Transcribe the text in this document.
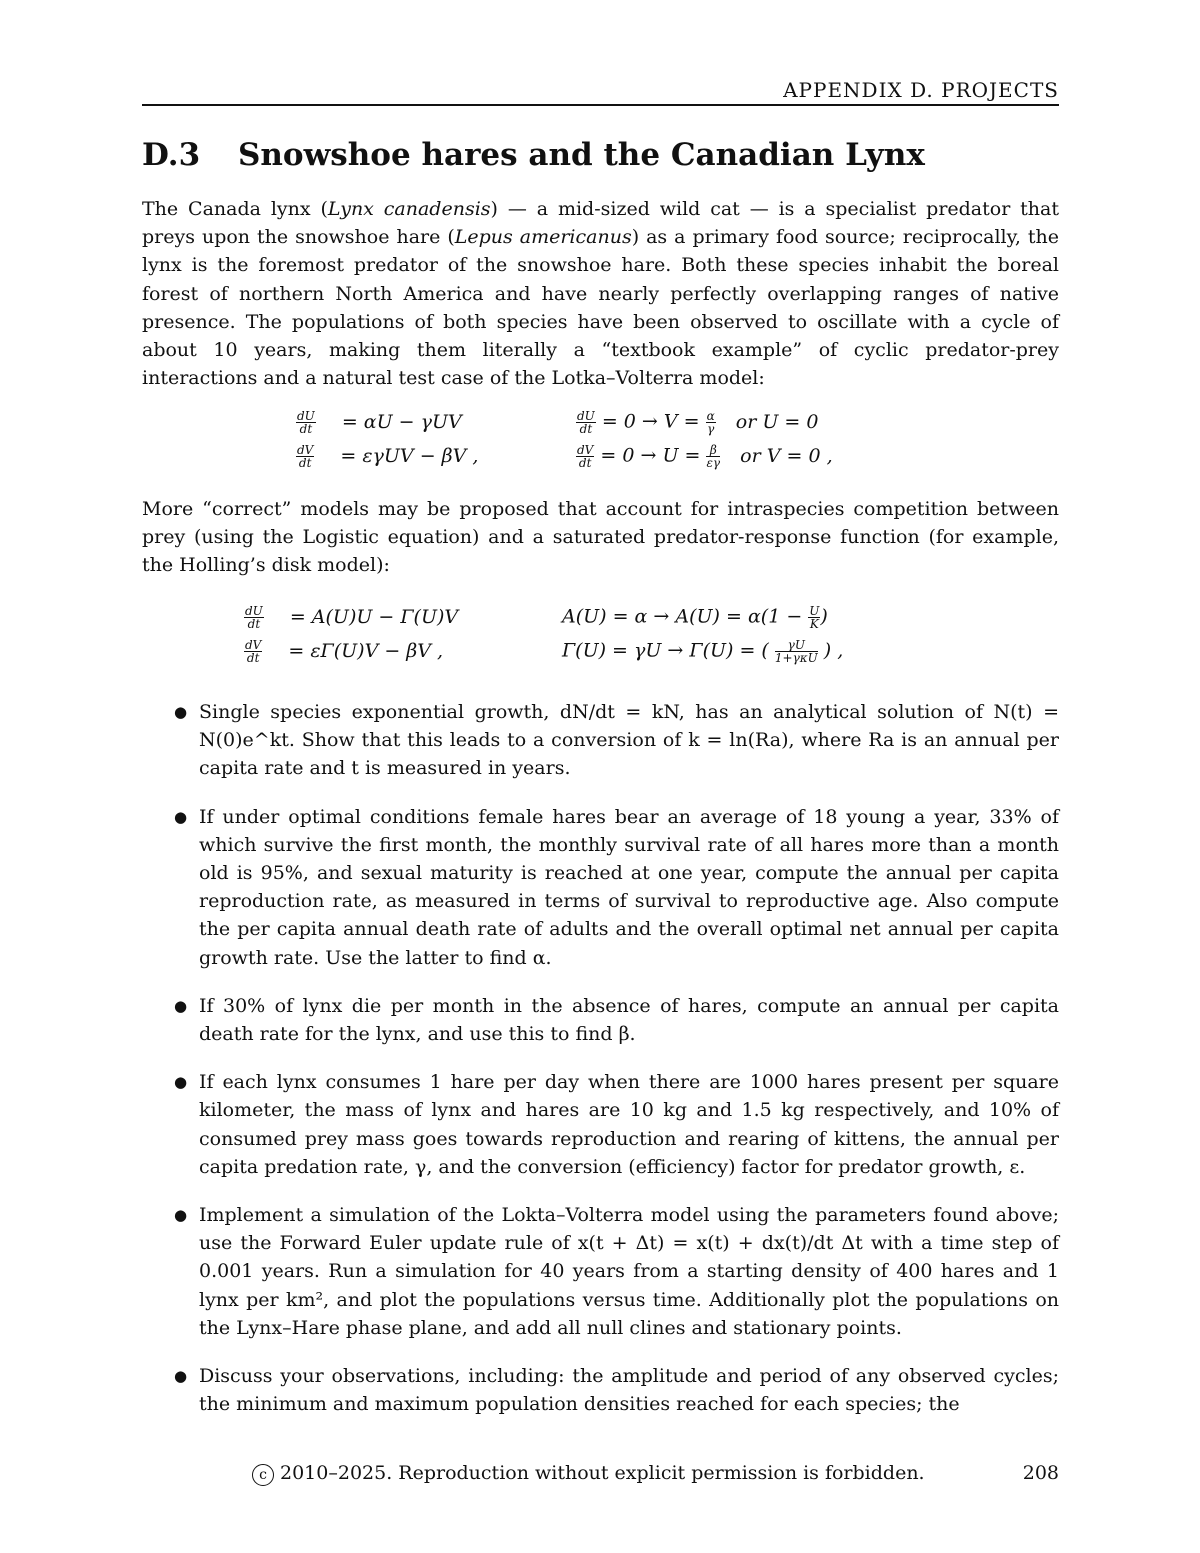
APPENDIX D. PROJECTS
D.3 Snowshoe hares and the Canadian Lynx
The Canada lynx (Lynx canadensis) — a mid-sized wild cat — is a specialist predator that preys upon the snowshoe hare (Lepus americanus) as a primary food source; reciprocally, the lynx is the foremost predator of the snowshoe hare. Both these species inhabit the boreal forest of northern North America and have nearly perfectly overlapping ranges of native presence. The populations of both species have been observed to oscillate with a cycle of about 10 years, making them literally a “textbook example” of cyclic predator-prey interactions and a natural test case of the Lotka–Volterra model:
$\frac{dU}{dt} = \alpha U - \gamma UV$
$\frac{dV}{dt} = \varepsilon\gamma UV - \beta V$ ,
$\frac{dU}{dt} = 0 \to V = \frac{\alpha}{\gamma}$ or U = 0
$\frac{dV}{dt} = 0 \to U = \frac{\beta}{\varepsilon\gamma}$ or V = 0 ,
More “correct” models may be proposed that account for intraspecies competition between prey (using the Logistic equation) and a saturated predator-response function (for example, the Holling’s disk model):
$\frac{dU}{dt} = A(U)U - \Gamma(U)V$
$\frac{dV}{dt} = \varepsilon\Gamma(U)V - \beta V$ ,
$A(U) = \alpha \to A(U) = \alpha(1 - \frac{U}{K}$ )
Γ(U) = γU → Γ(U) = ( $\frac{\gamma U}{\text{1+γκU}}$ ) ,
● Single species exponential growth, dN/dt = kN, has an analytical solution of N(t) = N(0)e^kt. Show that this leads to a conversion of k = ln(Ra), where Ra is an annual per capita rate and t is measured in years.
● If under optimal conditions female hares bear an average of 18 young a year, 33% of which survive the first month, the monthly survival rate of all hares more than a month old is 95%, and sexual maturity is reached at one year, compute the annual per capita reproduction rate, as measured in terms of survival to reproductive age. Also compute the per capita annual death rate of adults and the overall optimal net annual per capita growth rate. Use the latter to find α.
● If 30% of lynx die per month in the absence of hares, compute an annual per capita death rate for the lynx, and use this to find β.
● If each lynx consumes 1 hare per day when there are 1000 hares present per square kilometer, the mass of lynx and hares are 10 kg and 1.5 kg respectively, and 10% of consumed prey mass goes towards reproduction and rearing of kittens, the annual per capita predation rate, γ, and the conversion (efficiency) factor for predator growth, ε.
● Implement a simulation of the Lokta–Volterra model using the parameters found above; use the Forward Euler update rule of x(t + Δt) = x(t) + dx(t)/dt Δt with a time step of 0.001 years. Run a simulation for 40 years from a starting density of 400 hares and 1 lynx per km², and plot the populations versus time. Additionally plot the populations on the Lynx–Hare phase plane, and add all null clines and stationary points.
● Discuss your observations, including: the amplitude and period of any observed cycles; the minimum and maximum population densities reached for each species; the
c 2010–2025. Reproduction without explicit permission is forbidden.	208
